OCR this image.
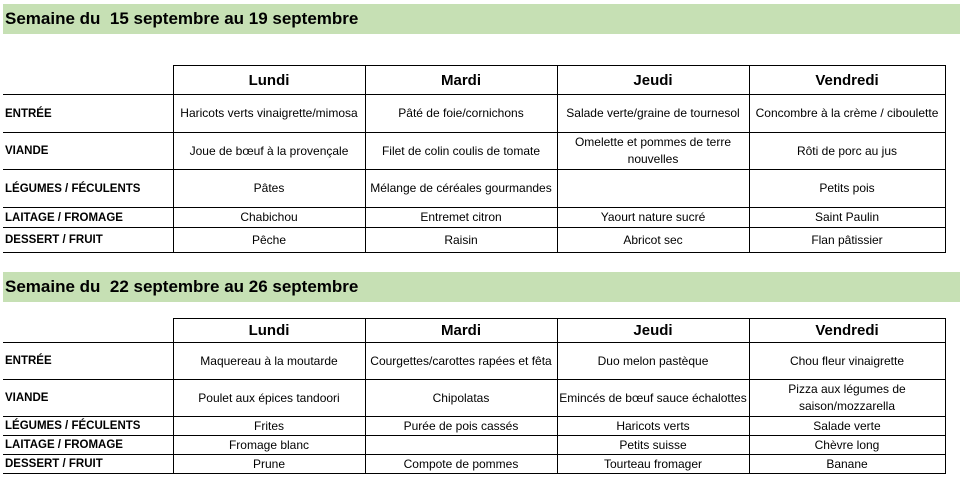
Semaine du  15 septembre au 19 septembre
	Lundi	Mardi	Jeudi	Vendredi
ENTRÉE	Haricots verts vinaigrette/mimosa	Pâté de foie/cornichons	Salade verte/graine de tournesol	Concombre à la crème / ciboulette
VIANDE	Joue de bœuf à la provençale	Filet de colin coulis de tomate	Omelette et pommes de terre nouvelles	Rôti de porc au jus
LÉGUMES / FÉCULENTS	Pâtes	Mélange de céréales gourmandes		Petits pois
LAITAGE / FROMAGE	Chabichou	Entremet citron	Yaourt nature sucré	Saint Paulin
DESSERT / FRUIT	Pêche	Raisin	Abricot sec	Flan pâtissier
Semaine du  22 septembre au 26 septembre
	Lundi	Mardi	Jeudi	Vendredi
ENTRÉE	Maquereau à la moutarde	Courgettes/carottes rapées et fêta	Duo melon pastèque	Chou fleur vinaigrette
VIANDE	Poulet aux épices tandoori	Chipolatas	Emincés de bœuf sauce échalottes	Pizza aux légumes de saison/mozzarella
LÉGUMES / FÉCULENTS	Frites	Purée de pois cassés	Haricots verts	Salade verte
LAITAGE / FROMAGE	Fromage blanc		Petits suisse	Chèvre long
DESSERT / FRUIT	Prune	Compote de pommes	Tourteau fromager	Banane
